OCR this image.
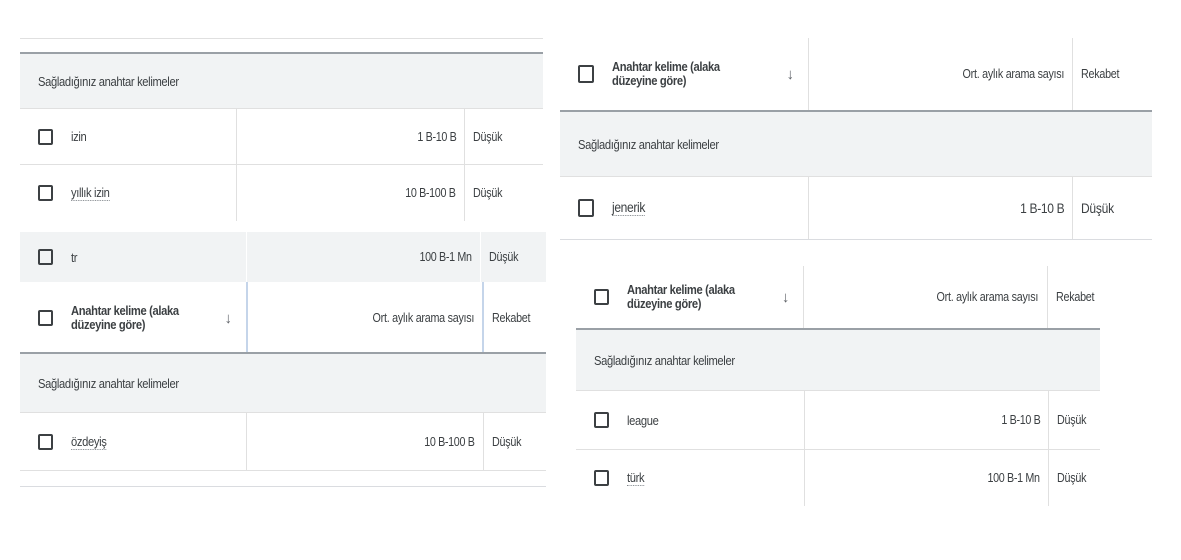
Sağladığınız anahtar kelimeler
izin	1 B-10 B Düşük
yıllık izin	10 B-100 B Düşük
tr	100 B-1 Mn Düşük
Anahtar kelime (alaka düzeyine göre)	↓	Ort. aylık arama sayısı Rekabet
Sağladığınız anahtar kelimeler
özdeyiş	10 B-100 B Düşük
Anahtar kelime (alaka düzeyine göre)	↓	Ort. aylık arama sayısı Rekabet
Sağladığınız anahtar kelimeler
jenerik	1 B-10 B Düşük
Anahtar kelime (alaka düzeyine göre)	↓	Ort. aylık arama sayısı Rekabet
Sağladığınız anahtar kelimeler
league	1 B-10 B Düşük
türk	100 B-1 Mn Düşük
